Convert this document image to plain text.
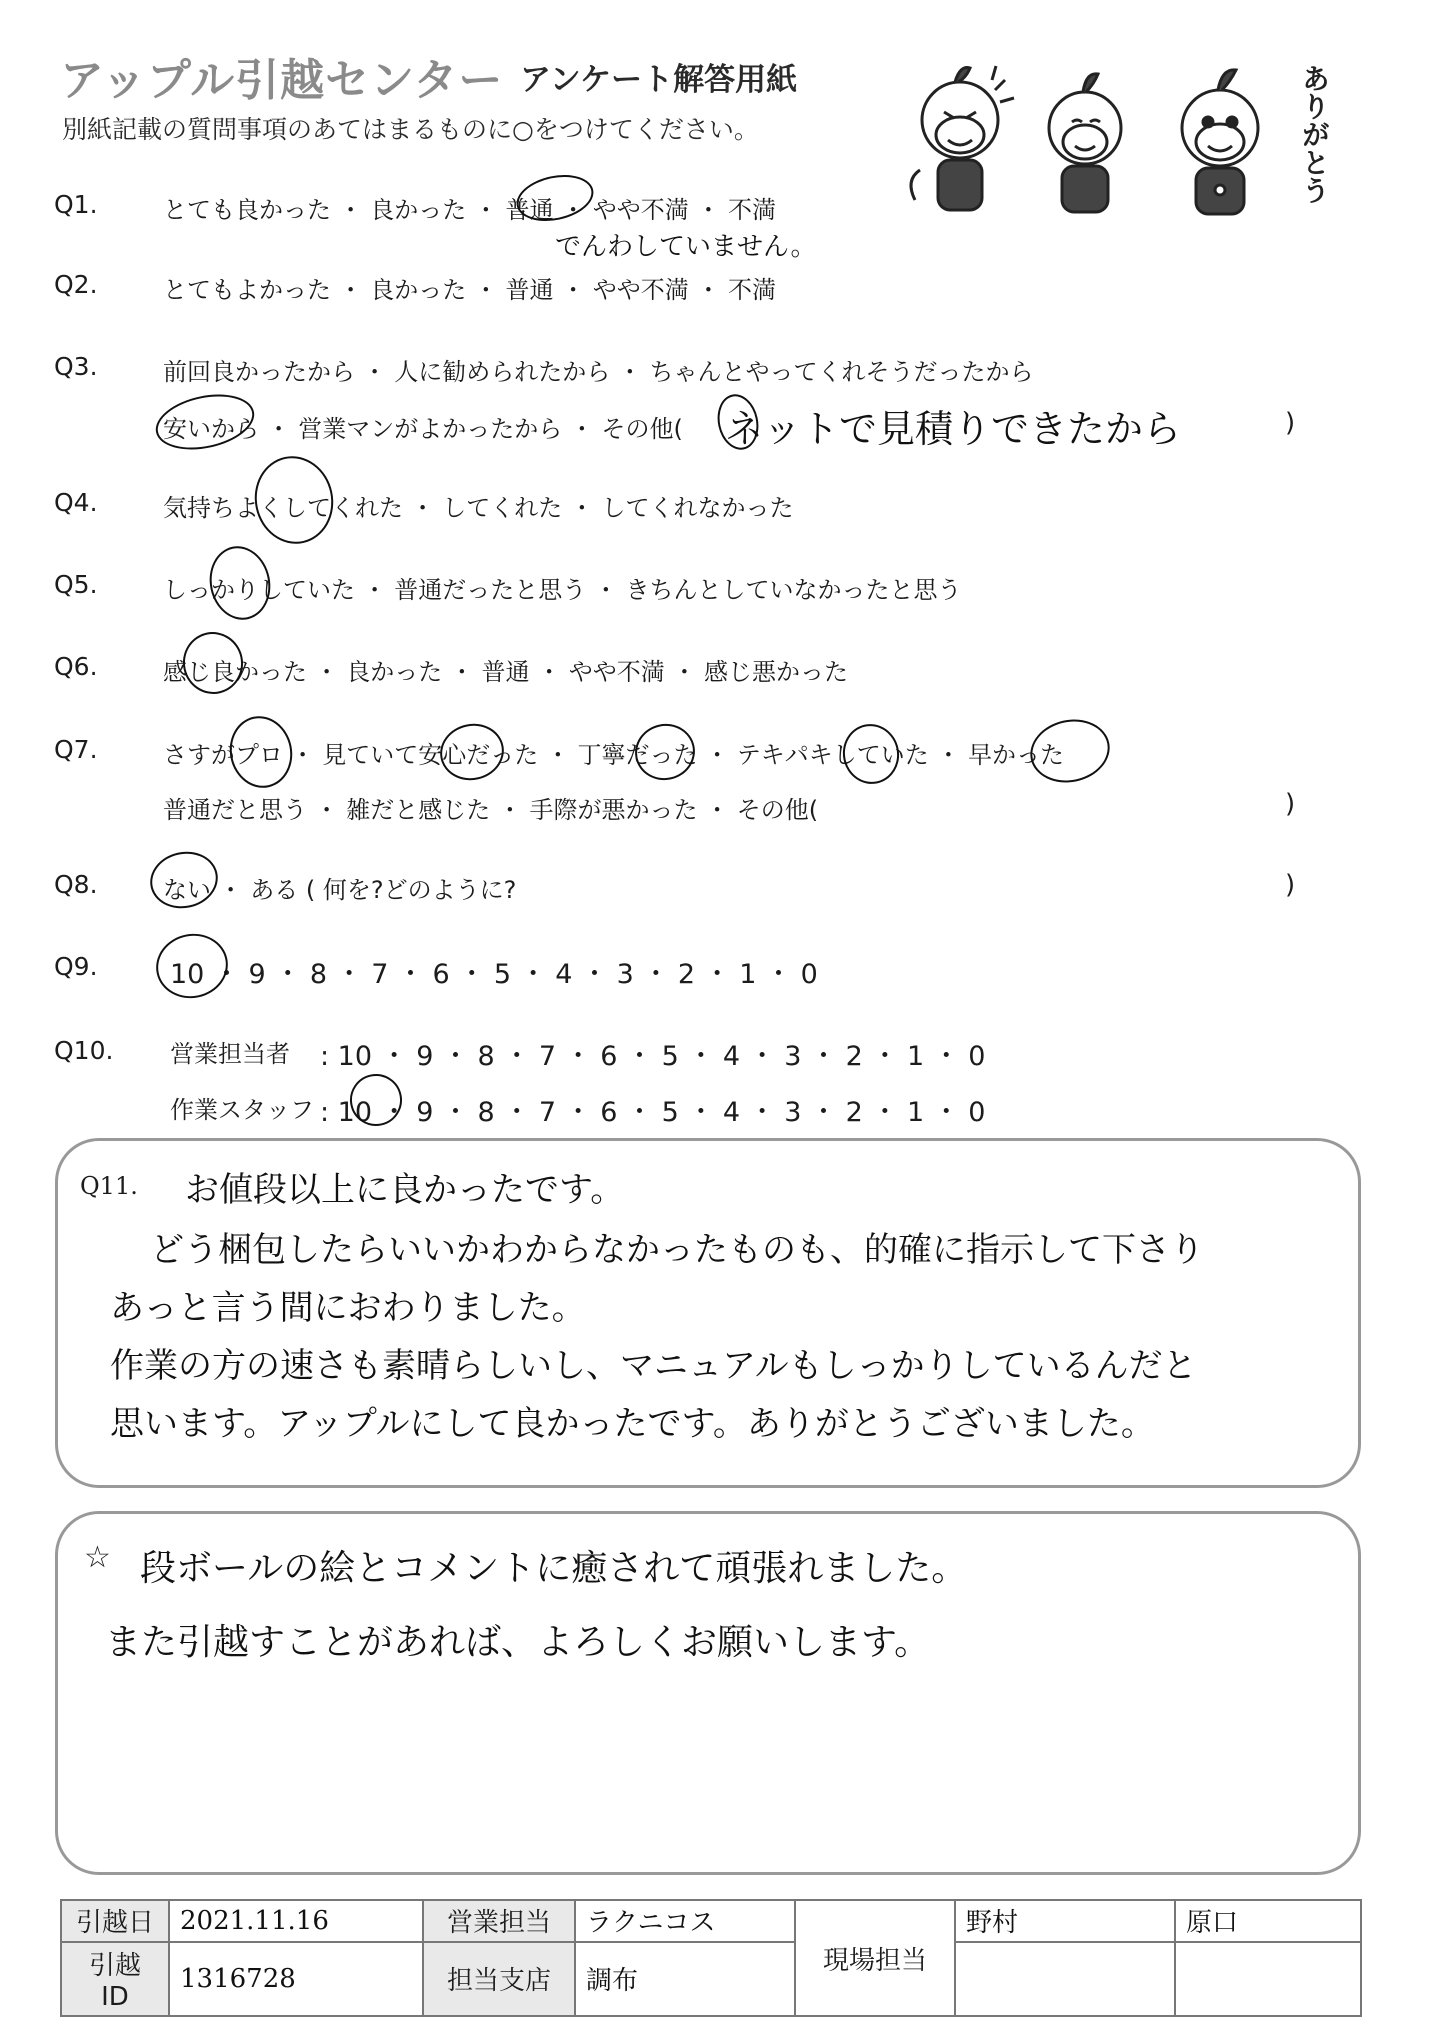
アップル引越センター アンケート解答用紙
別紙記載の質問事項のあてはまるものに○をつけてください。	ありがとう
Q1.	とても良かった ・ 良かった ・ 普通 ・ やや不満 ・ 不満
でんわしていません。
Q2.	とてもよかった ・ 良かった ・ 普通 ・ やや不満 ・ 不満
Q3.	前回良かったから ・ 人に勧められたから ・ ちゃんとやってくれそうだったから
安いから ・ 営業マンがよかったから ・ その他( ネットで見積りできたから	)
Q4.	気持ちよくしてくれた ・ してくれた ・ してくれなかった
Q5.	しっかりしていた ・ 普通だったと思う ・ きちんとしていなかったと思う
Q6.	感じ良かった ・ 良かった ・ 普通 ・ やや不満 ・ 感じ悪かった
Q7.	さすがプロ ・ 見ていて安心だった ・ 丁寧だった ・ テキパキしていた ・ 早かった
普通だと思う ・ 雑だと感じた ・ 手際が悪かった ・ その他(	)
Q8.	ない ・ ある ( 何を?どのように?	)
Q9.	10 ・ 9 ・ 8 ・ 7 ・ 6 ・ 5 ・ 4 ・ 3 ・ 2 ・ 1 ・ 0
Q10. 営業担当者 : 10 ・ 9 ・ 8 ・ 7 ・ 6 ・ 5 ・ 4 ・ 3 ・ 2 ・ 1 ・ 0
作業スタッフ : 10 ・ 9 ・ 8 ・ 7 ・ 6 ・ 5 ・ 4 ・ 3 ・ 2 ・ 1 ・ 0
Q11. お値段以上に良かったです。
どう梱包したらいいかわからなかったものも、的確に指示して下さり
あっと言う間におわりました。
作業の方の速さも素晴らしいし、マニュアルもしっかりしているんだと
思います。アップルにして良かったです。ありがとうございました。
☆ 段ボールの絵とコメントに癒されて頑張れました。
また引越すことがあれば、よろしくお願いします。
引越日	2021.11.16	営業担当	ラクニコス	現場担当	野村	原口
引越 ID	1316728	担当支店	調布			
